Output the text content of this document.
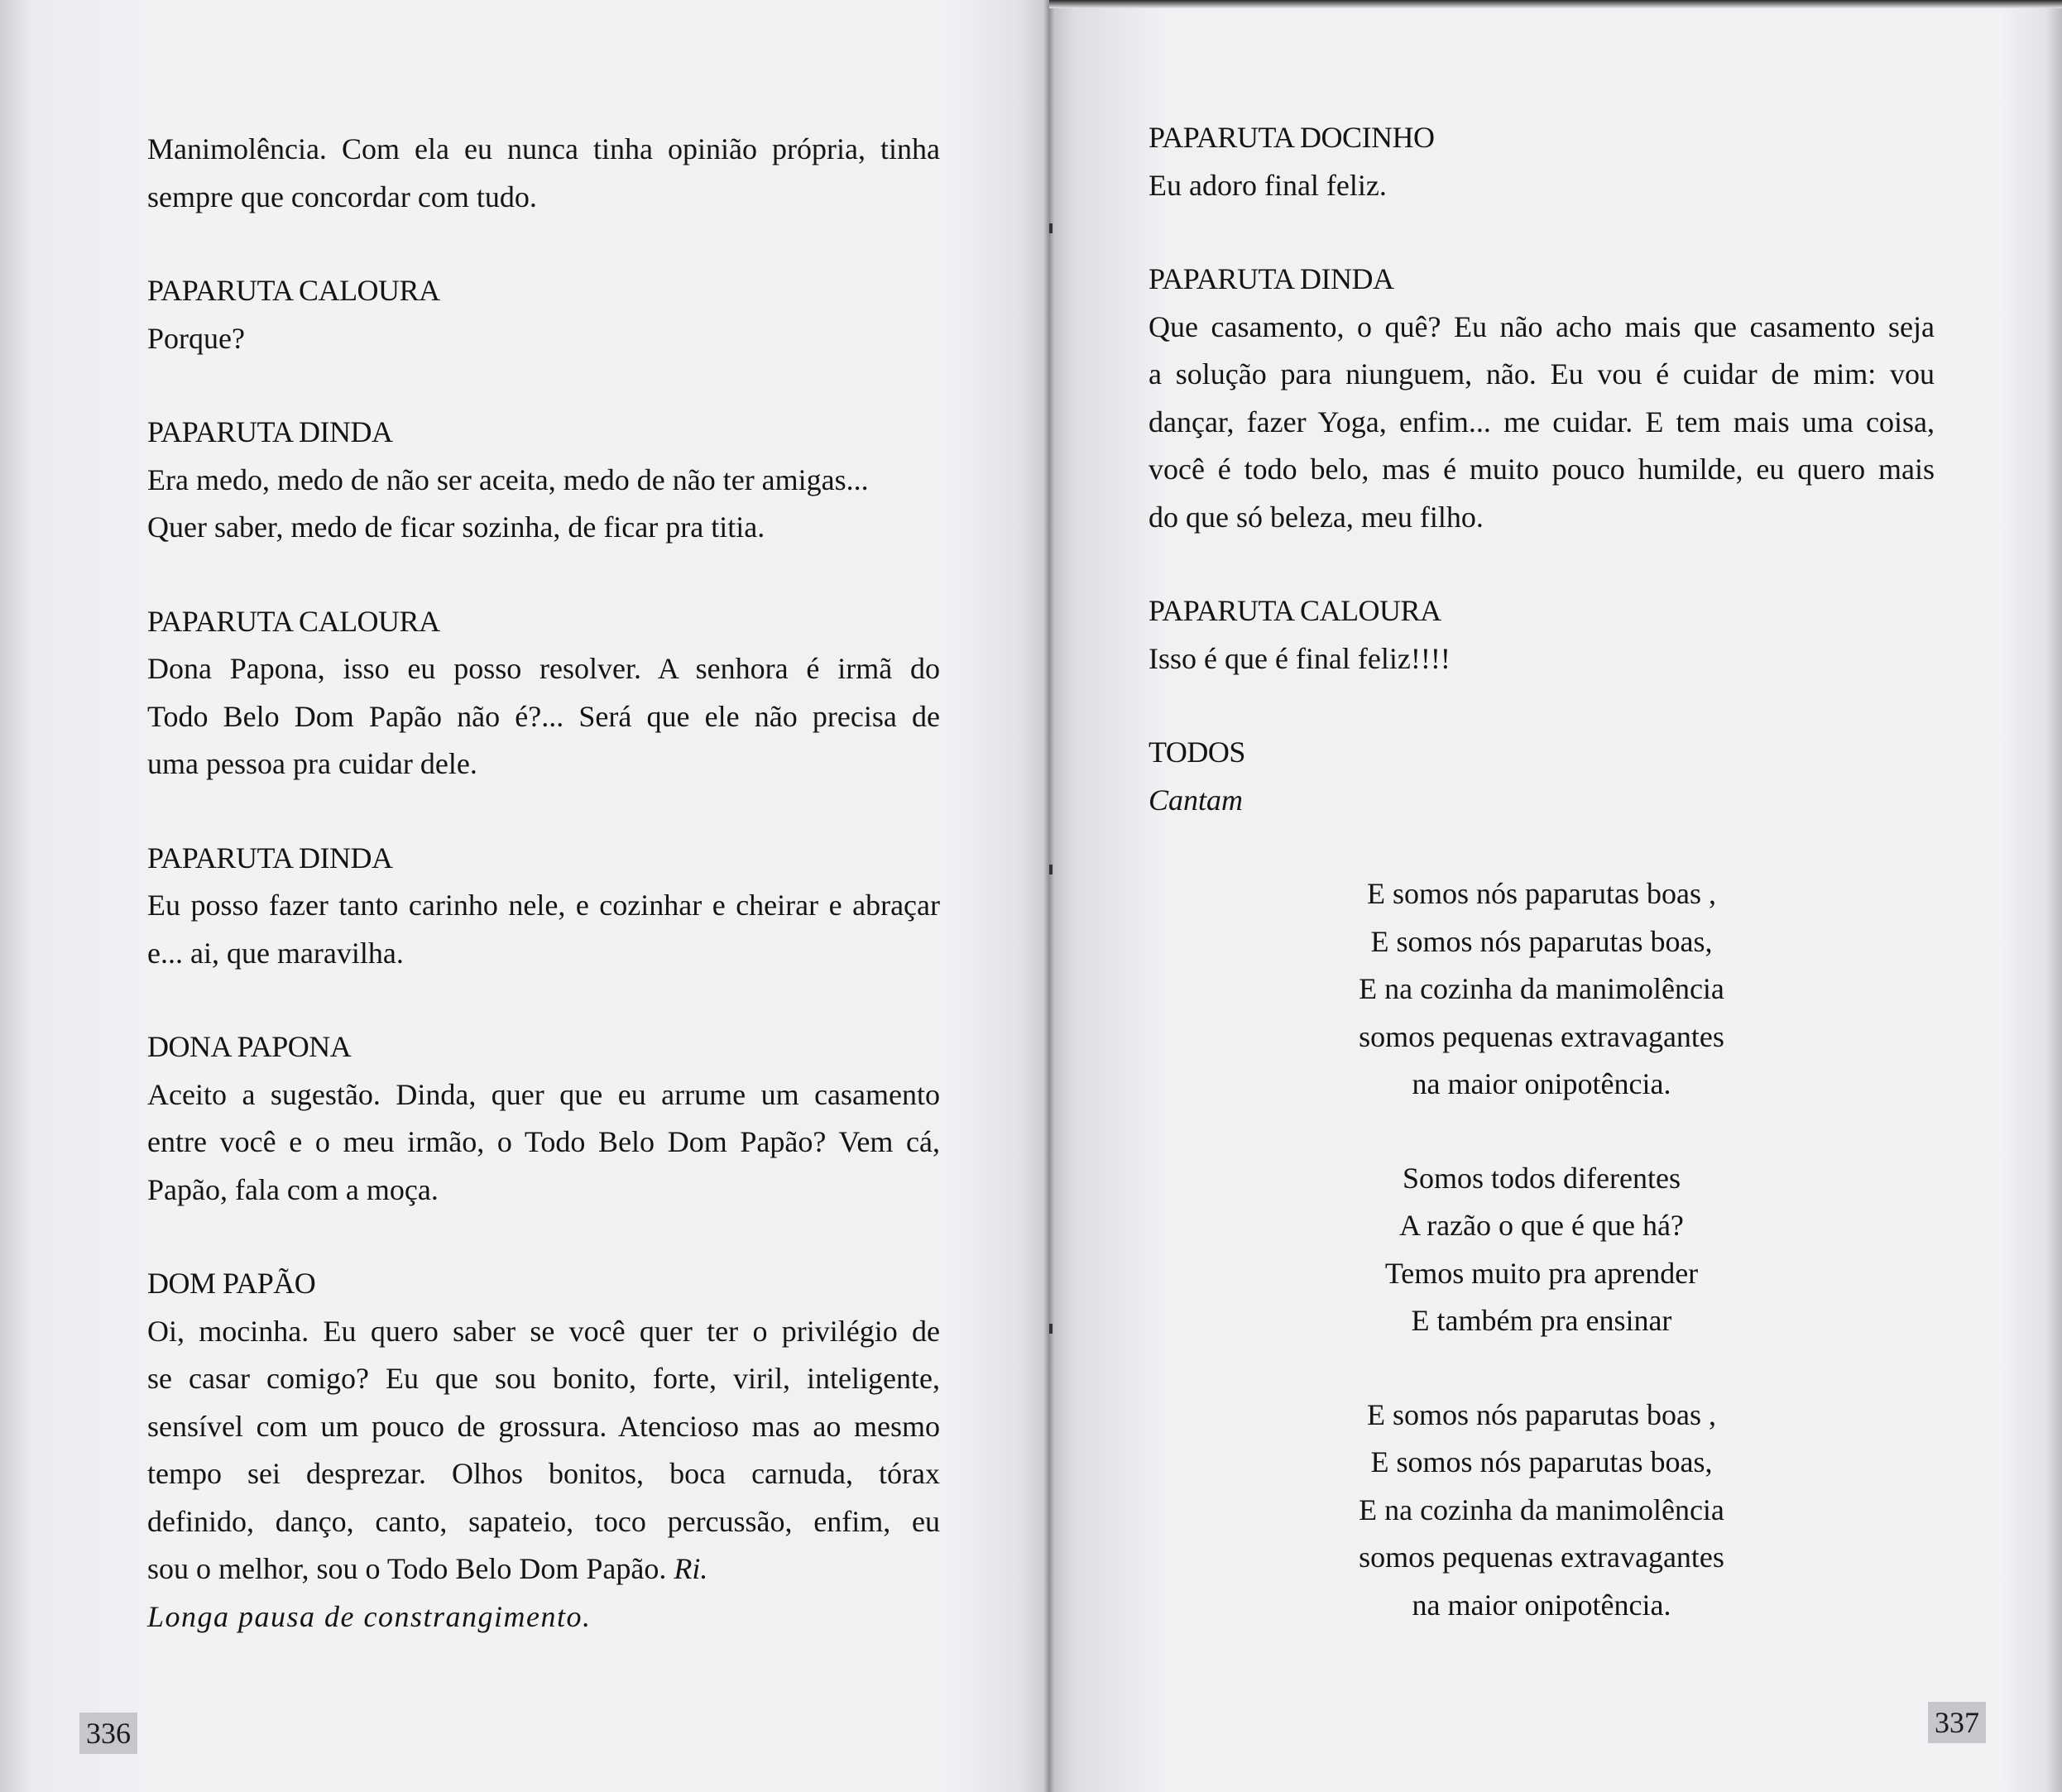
Manimolência. Com ela eu nunca tinha opinião própria, tinha
sempre que concordar com tudo.
PAPARUTA CALOURA
Porque?
PAPARUTA DINDA
Era medo, medo de não ser aceita, medo de não ter amigas...
Quer saber, medo de ficar sozinha, de ficar pra titia.
PAPARUTA CALOURA
Dona Papona, isso eu posso resolver. A senhora é irmã do
Todo Belo Dom Papão não é?... Será que ele não precisa de
uma pessoa pra cuidar dele.
PAPARUTA DINDA
Eu posso fazer tanto carinho nele, e cozinhar e cheirar e abraçar
e... ai, que maravilha.
DONA PAPONA
Aceito a sugestão. Dinda, quer que eu arrume um casamento
entre você e o meu irmão, o Todo Belo Dom Papão? Vem cá,
Papão, fala com a moça.
DOM PAPÃO
Oi, mocinha. Eu quero saber se você quer ter o privilégio de
se casar comigo? Eu que sou bonito, forte, viril, inteligente,
sensível com um pouco de grossura. Atencioso mas ao mesmo
tempo sei desprezar. Olhos bonitos, boca carnuda, tórax
definido, danço, canto, sapateio, toco percussão, enfim, eu
sou o melhor, sou o Todo Belo Dom Papão. Ri.
Longa pausa de constrangimento.
336
PAPARUTA DOCINHO
Eu adoro final feliz.
PAPARUTA DINDA
Que casamento, o quê? Eu não acho mais que casamento seja
a solução para niunguem, não. Eu vou é cuidar de mim: vou
dançar, fazer Yoga, enfim... me cuidar. E tem mais uma coisa,
você é todo belo, mas é muito pouco humilde, eu quero mais
do que só beleza, meu filho.
PAPARUTA CALOURA
Isso é que é final feliz!!!!
TODOS
Cantam
E somos nós paparutas boas ,
E somos nós paparutas boas,
E na cozinha da manimolência
somos pequenas extravagantes
na maior onipotência.
Somos todos diferentes
A razão o que é que há?
Temos muito pra aprender
E também pra ensinar
E somos nós paparutas boas ,
E somos nós paparutas boas,
E na cozinha da manimolência
somos pequenas extravagantes
na maior onipotência.
337
